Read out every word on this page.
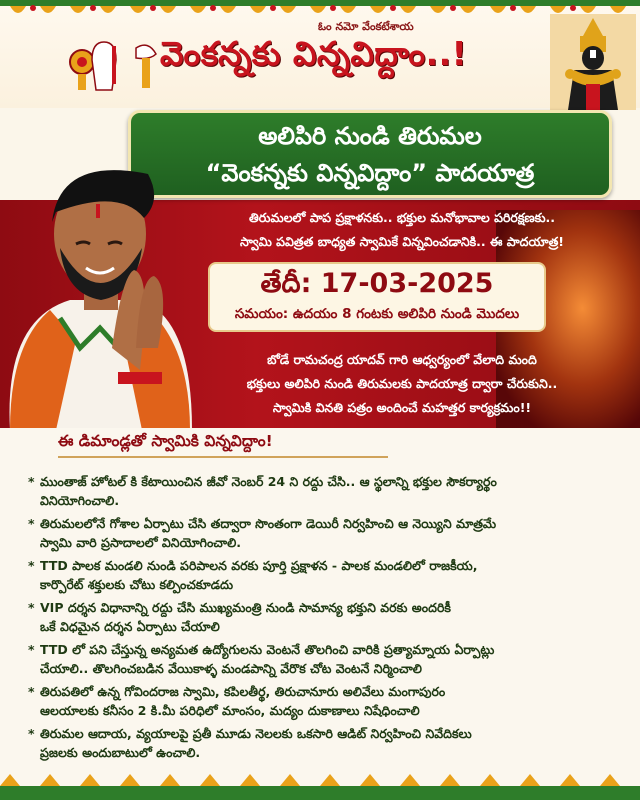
ఓం నమో వేంకటేశాయ
వెంకన్నకు విన్నవిద్దాం..!
అలిపిరి నుండి తిరుమల
“వెంకన్నకు విన్నవిద్దాం” పాదయాత్ర
తిరుమలలో పాప ప్రక్షాళనకు.. భక్తుల మనోభావాల పరిరక్షణకు..
స్వామి పవిత్రత బాధ్యత స్వామికే విన్నవించడానికి.. ఈ పాదయాత్ర!
తేదీ: 17-03-2025
సమయం: ఉదయం 8 గంటకు అలిపిరి నుండి మొదలు
బోడే రామచంద్ర యాదవ్ గారి ఆధ్వర్యంలో వేలాది మంది
భక్తులు అలిపిరి నుండి తిరుమలకు పాదయాత్ర ద్వారా చేరుకుని..
స్వామికి వినతి పత్రం అందించే మహత్తర కార్యక్రమం!!
ఈ డిమాండ్లతో స్వామికి విన్నవిద్దాం!
* ముంతాజ్ హోటల్ కి కేటాయించిన జీవో నెంబర్ 24 ని రద్దు చేసి.. ఆ స్థలాన్ని భక్తుల సౌకర్యార్థం
వినియోగించాలి.
* తిరుమలలోనే గోశాల ఏర్పాటు చేసి తద్వారా సొంతంగా డెయిరీ నిర్వహించి ఆ నెయ్యిని మాత్రమే
స్వామి వారి ప్రసాదాలలో వినియోగించాలి.
* TTD పాలక మండలి నుండి పరిపాలన వరకు పూర్తి ప్రక్షాళన - పాలక మండలిలో రాజకీయ,
కార్పొరేట్ శక్తులకు చోటు కల్పించకూడదు
* VIP దర్శన విధానాన్ని రద్దు చేసి ముఖ్యమంత్రి నుండి సామాన్య భక్తుని వరకు అందరికీ
ఒకే విధమైన దర్శన ఏర్పాటు చేయాలి
* TTD లో పని చేస్తున్న అన్యమత ఉద్యోగులను వెంటనే తొలగించి వారికి ప్రత్యామ్నాయ ఏర్పాట్లు
చేయాలి.. తొలగించబడిన వేయికాళ్ళ మండపాన్ని వేరొక చోట వెంటనే నిర్మించాలి
* తిరుపతిలో ఉన్న గోవిందరాజ స్వామి, కపిలతీర్థ, తిరుచానూరు అలివేలు మంగాపురం
ఆలయాలకు కనీసం 2 కి.మీ పరిధిలో మాంసం, మద్యం దుకాణాలు నిషేధించాలి
* తిరుమల ఆదాయ, వ్యయాలపై ప్రతీ మూడు నెలలకు ఒకసారి ఆడిట్ నిర్వహించి నివేదికలు
ప్రజలకు అందుబాటులో ఉంచాలి.
